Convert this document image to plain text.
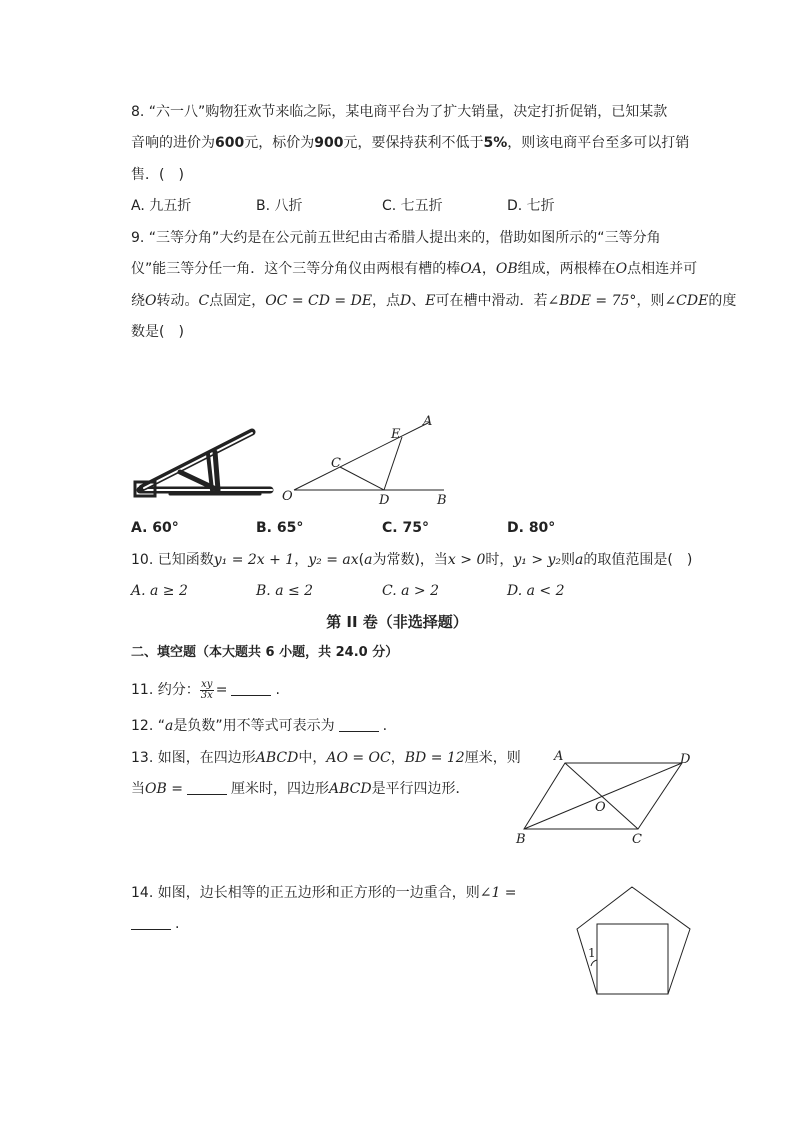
8. “六一八”购物狂欢节来临之际，某电商平台为了扩大销量，决定打折促销，已知某款
音响的进价为600元，标价为900元，要保持获利不低于5%，则该电商平台至多可以打销
售．(　)
A. 九五折	B. 八折	C. 七五折	D. 七折
9. “三等分角”大约是在公元前五世纪由古希腊人提出来的，借助如图所示的“三等分角
仪”能三等分任一角．这个三等分角仪由两根有槽的棒OA，OB组成，两根棒在O点相连并可
绕O转动。C点固定，OC = CD = DE，点D、E可在槽中滑动．若∠BDE = 75°，则∠CDE的度
数是(　)
A
B
C
D
E
O
A. 60°	B. 65°	C. 75°	D. 80°
10. 已知函数y₁ = 2x + 1，y₂ = ax(a为常数)，当x > 0时，y₁ > y₂则a的取值范围是(　)
A. a ≥ 2	B. a ≤ 2	C. a > 2	D. a < 2
第 II 卷（非选择题）
二、填空题（本大题共 6 小题，共 24.0 分）
11. 约分： $\frac{xy}{3x}$ =	.
12. “a是负数”用不等式可表示为	.
13. 如图，在四边形ABCD中，AO = OC，BD = 12厘米，则
当OB =	厘米时，四边形ABCD是平行四边形．
A	D
B	C
O
14. 如图，边长相等的正五边形和正方形的一边重合，则∠1 =
.
1
